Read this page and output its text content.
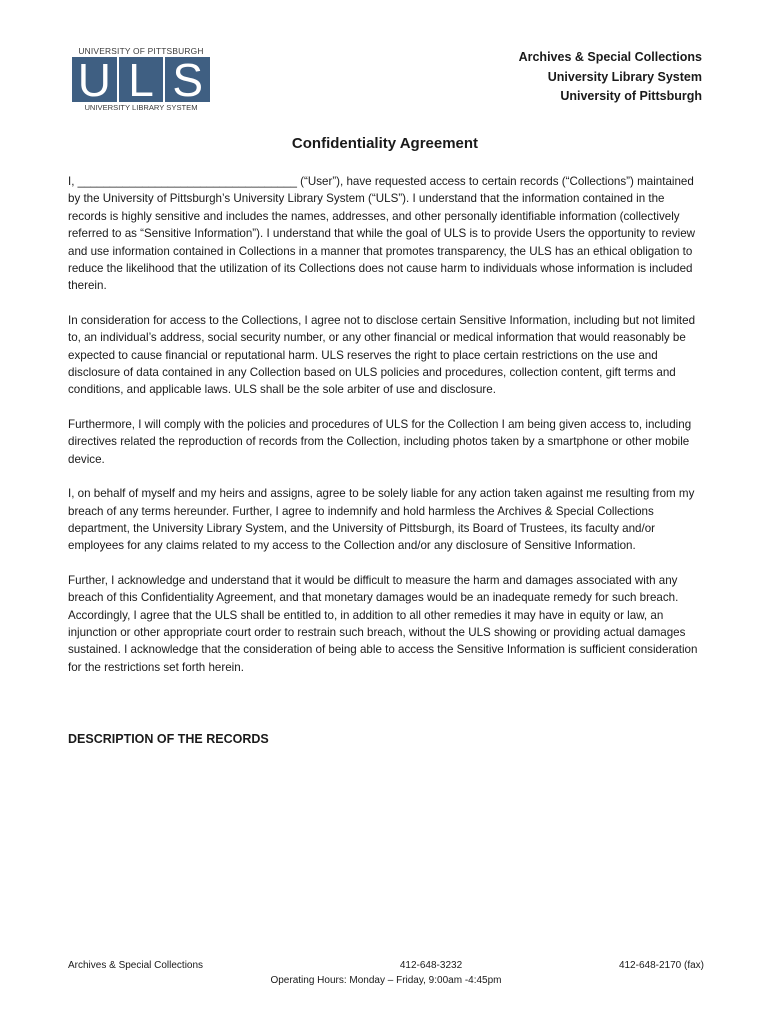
UNIVERSITY OF PITTSBURGH
U L S
UNIVERSITY LIBRARY SYSTEM
Archives & Special Collections
University Library System
University of Pittsburgh
Confidentiality Agreement

I, __________________________________ (“User”), have requested access to certain records (“Collections”) maintained by the University of Pittsburgh’s University Library System (“ULS”). I understand that the information contained in the records is highly sensitive and includes the names, addresses, and other personally identifiable information (collectively referred to as “Sensitive Information”). I understand that while the goal of ULS is to provide Users the opportunity to review and use information contained in Collections in a manner that promotes transparency, the ULS has an ethical obligation to reduce the likelihood that the utilization of its Collections does not cause harm to individuals whose information is included therein.

In consideration for access to the Collections, I agree not to disclose certain Sensitive Information, including but not limited to, an individual’s address, social security number, or any other financial or medical information that would reasonably be expected to cause financial or reputational harm. ULS reserves the right to place certain restrictions on the use and disclosure of data contained in any Collection based on ULS policies and procedures, collection content, gift terms and conditions, and applicable laws. ULS shall be the sole arbiter of use and disclosure.

Furthermore, I will comply with the policies and procedures of ULS for the Collection I am being given access to, including directives related the reproduction of records from the Collection, including photos taken by a smartphone or other mobile device.

I, on behalf of myself and my heirs and assigns, agree to be solely liable for any action taken against me resulting from my breach of any terms hereunder. Further, I agree to indemnify and hold harmless the Archives & Special Collections department, the University Library System, and the University of Pittsburgh, its Board of Trustees, its faculty and/or employees for any claims related to my access to the Collection and/or any disclosure of Sensitive Information.

Further, I acknowledge and understand that it would be difficult to measure the harm and damages associated with any breach of this Confidentiality Agreement, and that monetary damages would be an inadequate remedy for such breach. Accordingly, I agree that the ULS shall be entitled to, in addition to all other remedies it may have in equity or law, an injunction or other appropriate court order to restrain such breach, without the ULS showing or providing actual damages sustained. I acknowledge that the consideration of being able to access the Sensitive Information is sufficient consideration for the restrictions set forth herein.

DESCRIPTION OF THE RECORDS
Archives & Special Collections	412-648-3232	412-648-2170 (fax)
Operating Hours: Monday – Friday, 9:00am -4:45pm
